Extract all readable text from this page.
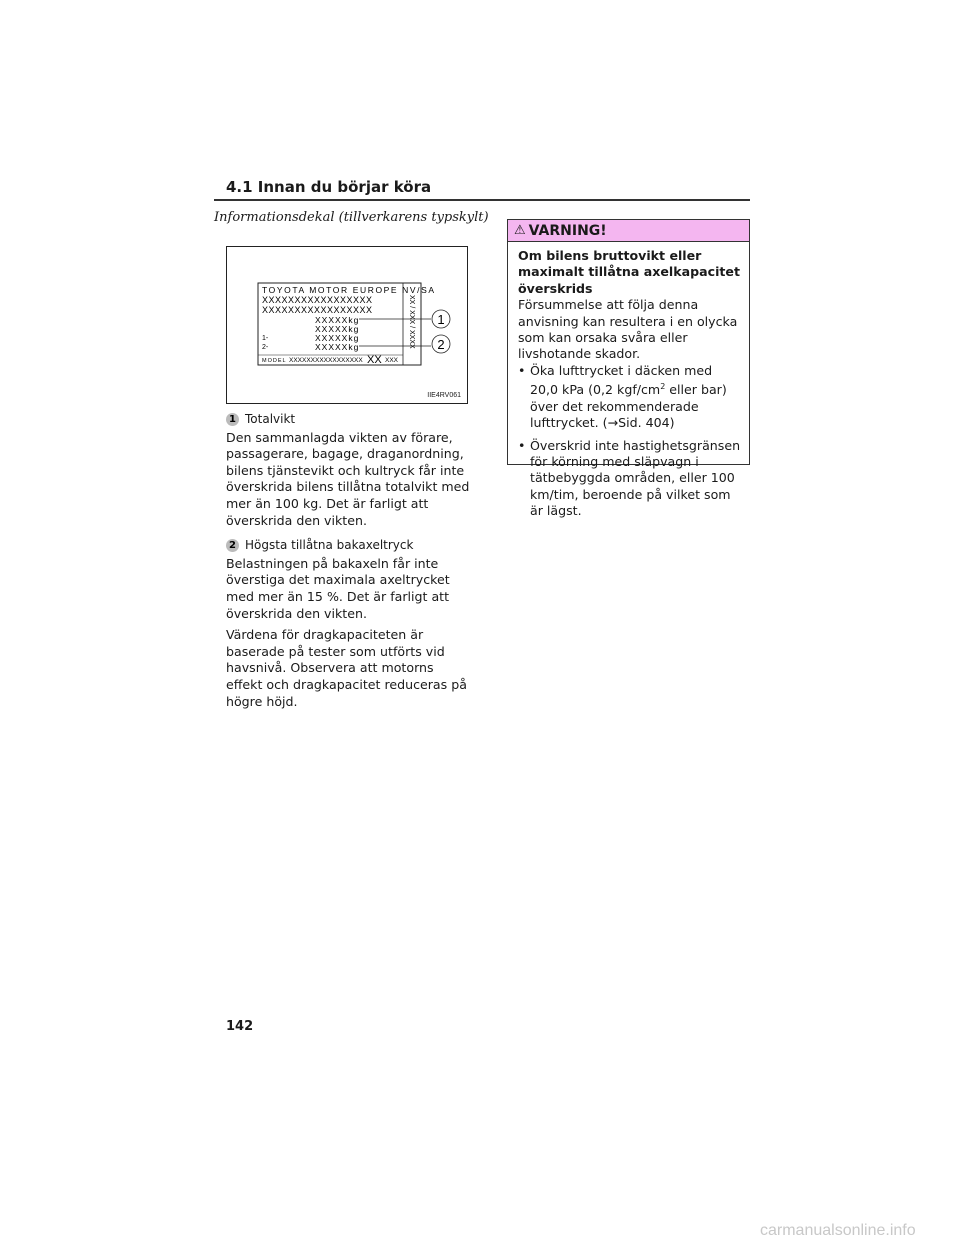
4.1 Innan du börjar köra
Informationsdekal (tillverkarens typskylt)
TOYOTA MOTOR EUROPE NV/SA
XXXXXXXXXXXXXXXXX
XXXXXXXXXXXXXXXXX
XXXXXkg
XXXXXkg
1-	XXXXXkg
2-	XXXXXkg
MODEL XXXXXXXXXXXXXXXXX XX XXX
XX / XXX / XXXX 1
2
IIE4RV061
1 Totalvikt

Den sammanlagda vikten av förare, passagerare, bagage, draganordning, bilens tjänstevikt och kultryck får inte överskrida bilens tillåtna totalvikt med mer än 100 kg. Det är farligt att överskrida den vikten.

2 Högsta tillåtna bakaxeltryck

Belastningen på bakaxeln får inte överstiga det maximala axeltrycket med mer än 15 %. Det är farligt att överskrida den vikten.

Värdena för dragkapaciteten är baserade på tester som utförts vid havsnivå. Observera att motorns effekt och dragkapacitet reduceras på högre höjd.

⚠ VARNING!

Om bilens bruttovikt eller maximalt tillåtna axelkapacitet överskrids

Försummelse att följa denna anvisning kan resultera i en olycka som kan orsaka svåra eller livshotande skador.

• Öka lufttrycket i däcken med 20,0 kPa (0,2 kgf/$cm^2$ eller bar) över det rekommenderade lufttrycket. (→Sid. 404)

• Överskrid inte hastighetsgränsen för körning med släpvagn i tätbebyggda områden, eller 100 km/tim, beroende på vilket som är lägst.

142
carmanualsonline.info
